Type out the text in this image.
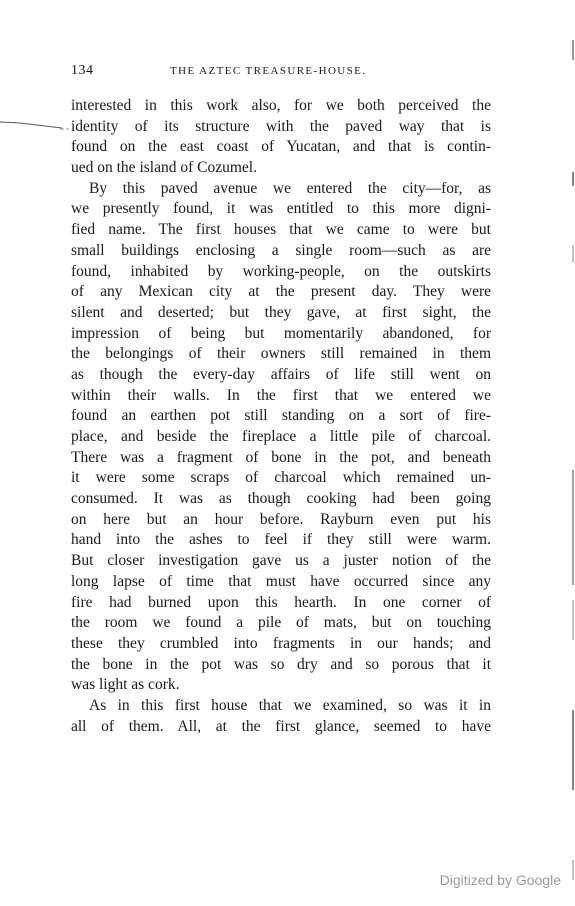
134	THE AZTEC TREASURE-HOUSE.
interested in this work also, for we both perceived the
identity of its structure with the paved way that is
found on the east coast of Yucatan, and that is contin-
ued on the island of Cozumel.
By this paved avenue we entered the city—for, as
we presently found, it was entitled to this more digni-
fied name. The first houses that we came to were but
small buildings enclosing a single room—such as are
found, inhabited by working-people, on the outskirts
of any Mexican city at the present day. They were
silent and deserted; but they gave, at first sight, the
impression of being but momentarily abandoned, for
the belongings of their owners still remained in them
as though the every-day affairs of life still went on
within their walls. In the first that we entered we
found an earthen pot still standing on a sort of fire-
place, and beside the fireplace a little pile of charcoal.
There was a fragment of bone in the pot, and beneath
it were some scraps of charcoal which remained un-
consumed. It was as though cooking had been going
on here but an hour before. Rayburn even put his
hand into the ashes to feel if they still were warm.
But closer investigation gave us a juster notion of the
long lapse of time that must have occurred since any
fire had burned upon this hearth. In one corner of
the room we found a pile of mats, but on touching
these they crumbled into fragments in our hands; and
the bone in the pot was so dry and so porous that it
was light as cork.
As in this first house that we examined, so was it in
all of them. All, at the first glance, seemed to have
Digitized by Google
